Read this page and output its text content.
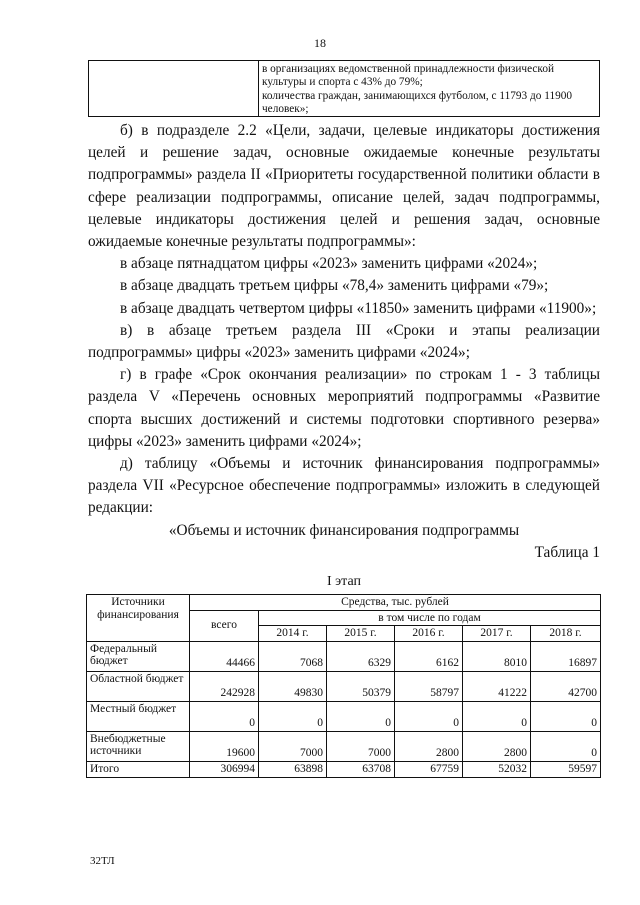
18

в организациях ведомственной принадлежности физической культуры и спорта с 43% до 79%;

количества граждан, занимающихся футболом, с 11793 до 11900 человек»;

б) в подразделе 2.2 «Цели, задачи, целевые индикаторы достижения целей и решение задач, основные ожидаемые конечные результаты подпрограммы» раздела II «Приоритеты государственной политики области в сфере реализации подпрограммы, описание целей, задач подпрограммы, целевые индикаторы достижения целей и решения задач, основные ожидаемые конечные результаты подпрограммы»:

в абзаце пятнадцатом цифры «2023» заменить цифрами «2024»;

в абзаце двадцать третьем цифры «78,4» заменить цифрами «79»;

в абзаце двадцать четвертом цифры «11850» заменить цифрами «11900»;

в) в абзаце третьем раздела III «Сроки и этапы реализации подпрограммы» цифры «2023» заменить цифрами «2024»;

г) в графе «Срок окончания реализации» по строкам 1 - 3 таблицы раздела V «Перечень основных мероприятий подпрограммы «Развитие спорта высших достижений и системы подготовки спортивного резерва» цифры «2023» заменить цифрами «2024»;

д) таблицу «Объемы и источник финансирования подпрограммы» раздела VII «Ресурсное обеспечение подпрограммы» изложить в следующей редакции:

«Объемы и источник финансирования подпрограммы

Таблица 1

I этап
Источники финансирования	Средства, тыс. рублей					
	всего	в том числе по годам				
		2014 г.	2015 г.	2016 г.	2017 г.	2018 г.
Федеральный бюджет	44466	7068	6329	6162	8010	16897
Областной бюджет	242928	49830	50379	58797	41222	42700
Местный бюджет	0	0	0	0	0	0
Внебюджетные источники	19600	7000	7000	2800	2800	0
Итого	306994	63898	63708	67759	52032	59597
32ТЛ
